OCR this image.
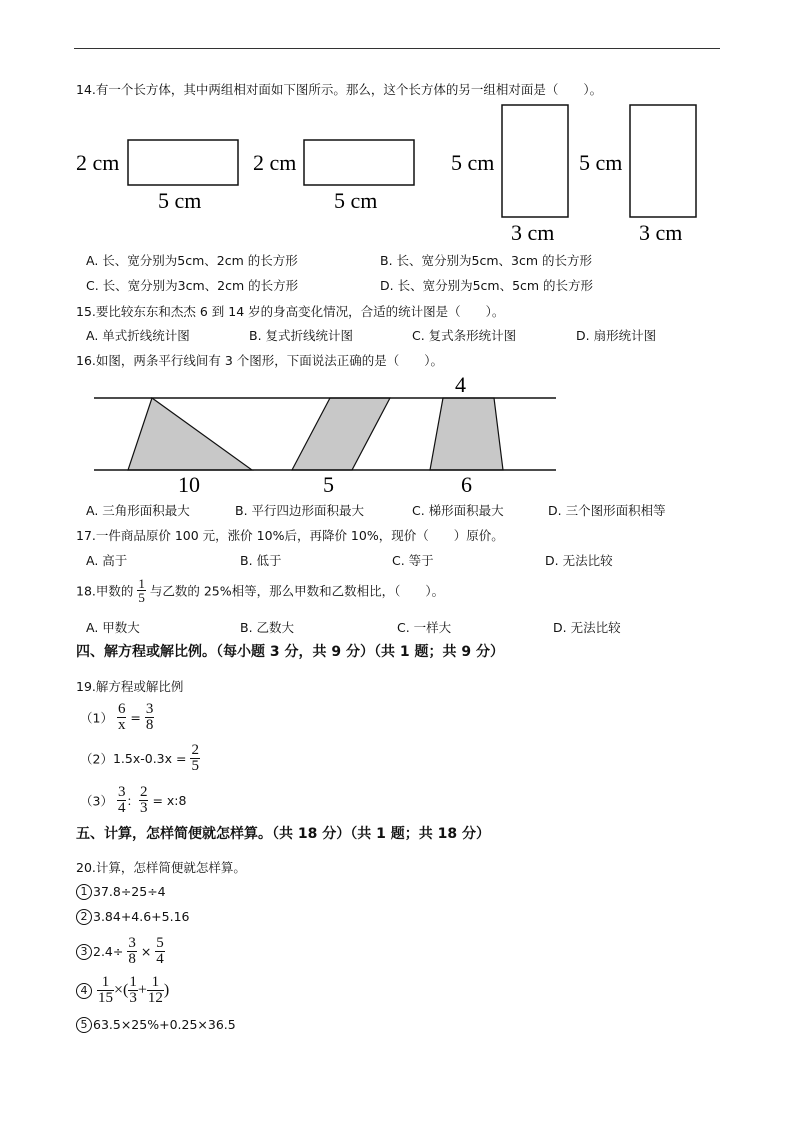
14.有一个长方体，其中两组相对面如下图所示。那么，这个长方体的另一组相对面是（　　）。
2 cm
5 cm
2 cm
5 cm
5 cm
3 cm
5 cm
3 cm
A. 长、宽分别为5cm、2cm 的长方形	B. 长、宽分别为5cm、3cm 的长方形
C. 长、宽分别为3cm、2cm 的长方形	D. 长、宽分别为5cm、5cm 的长方形
15.要比较东东和杰杰 6 到 14 岁的身高变化情况，合适的统计图是（　　）。
A. 单式折线统计图	B. 复式折线统计图	C. 复式条形统计图	D. 扇形统计图
16.如图，两条平行线间有 3 个图形，下面说法正确的是（　　）。
4
10	5	6
A. 三角形面积最大	B. 平行四边形面积最大	C. 梯形面积最大	D. 三个图形面积相等
17.一件商品原价 100 元，涨价 10%后，再降价 10%，现价（　　）原价。
A. 高于	B. 低于	C. 等于	D. 无法比较
18.甲数的 $\frac{1}{5}$ 与乙数的 25%相等，那么甲数和乙数相比，（　　）。
A. 甲数大	B. 乙数大	C. 一样大	D. 无法比较
四、解方程或解比例。（每小题 3 分，共 9 分）（共 1 题；共 9 分）
19.解方程或解比例
$(1) \frac{6}{x} = \frac{3}{8}$
$(2)1.5x-0.3x = \frac{2}{5}$
$(3) \frac{3}{4}$ ： $\frac{2}{3}$ = x:8
五、计算，怎样简便就怎样算。（共 18 分）（共 1 题；共 18 分）
20.计算，怎样简便就怎样算。
1 37.8÷25÷4
2 3.84+4.6+5.16
3 $2.4\div \frac{3}{8} \times \frac{5}{4}$
$4 \frac{1}{15}$ ×( $\frac{1}{3} + \frac{1}{12}$ )
5 63.5×25%+0.25×36.5
